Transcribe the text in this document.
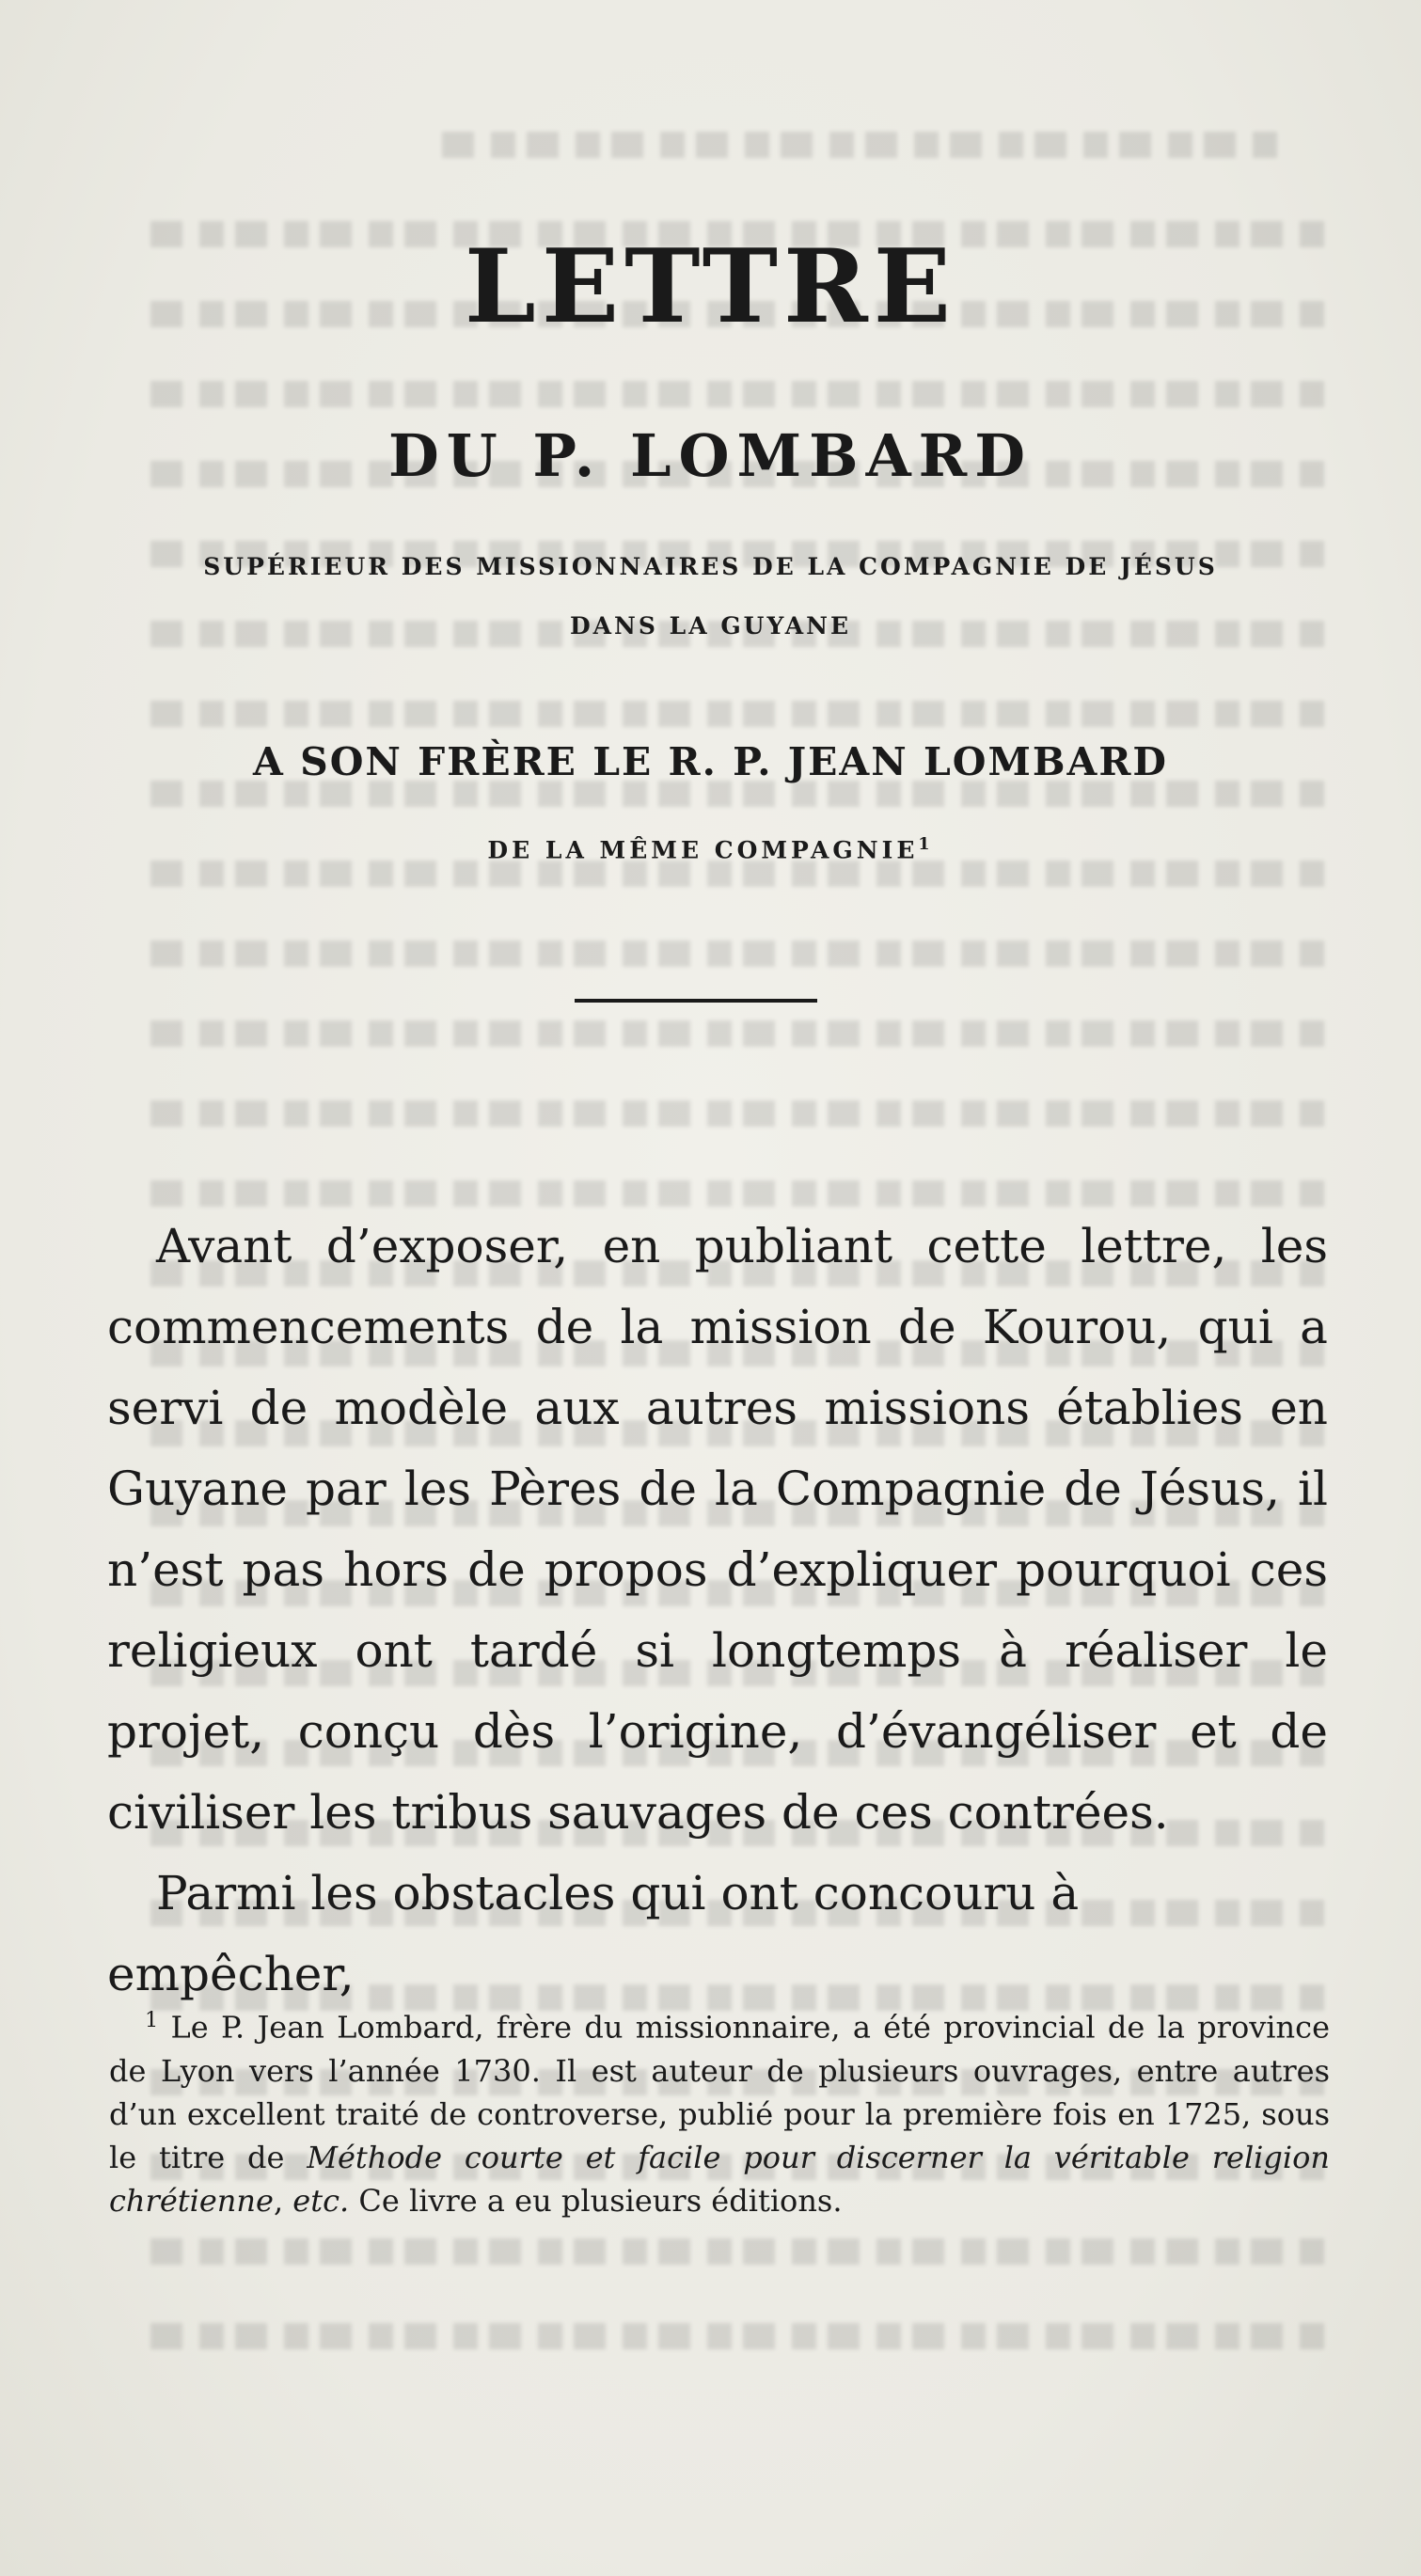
LETTRE
DU P. LOMBARD
SUPÉRIEUR DES MISSIONNAIRES DE LA COMPAGNIE DE JÉSUS
DANS LA GUYANE
A SON FRÈRE LE R. P. JEAN LOMBARD
DE LA MÊME COMPAGNIE$^1$

Avant d’exposer, en publiant cette lettre, les commencements de la mission de Kourou, qui a servi de modèle aux autres missions établies en Guyane par les Pères de la Compagnie de Jésus, il n’est pas hors de propos d’expliquer pourquoi ces religieux ont tardé si longtemps à réaliser le projet, conçu dès l’origine, d’évangéliser et de civiliser les tribus sauvages de ces contrées.

Parmi les obstacles qui ont concouru à empêcher,

$^1$ Le P. Jean Lombard, frère du missionnaire, a été provincial de la province de Lyon vers l’année 1730. Il est auteur de plusieurs ouvrages, entre autres d’un excellent traité de controverse, publié pour la première fois en 1725, sous le titre de Méthode courte et facile pour discerner la véritable religion chrétienne, etc. Ce livre a eu plusieurs éditions.
